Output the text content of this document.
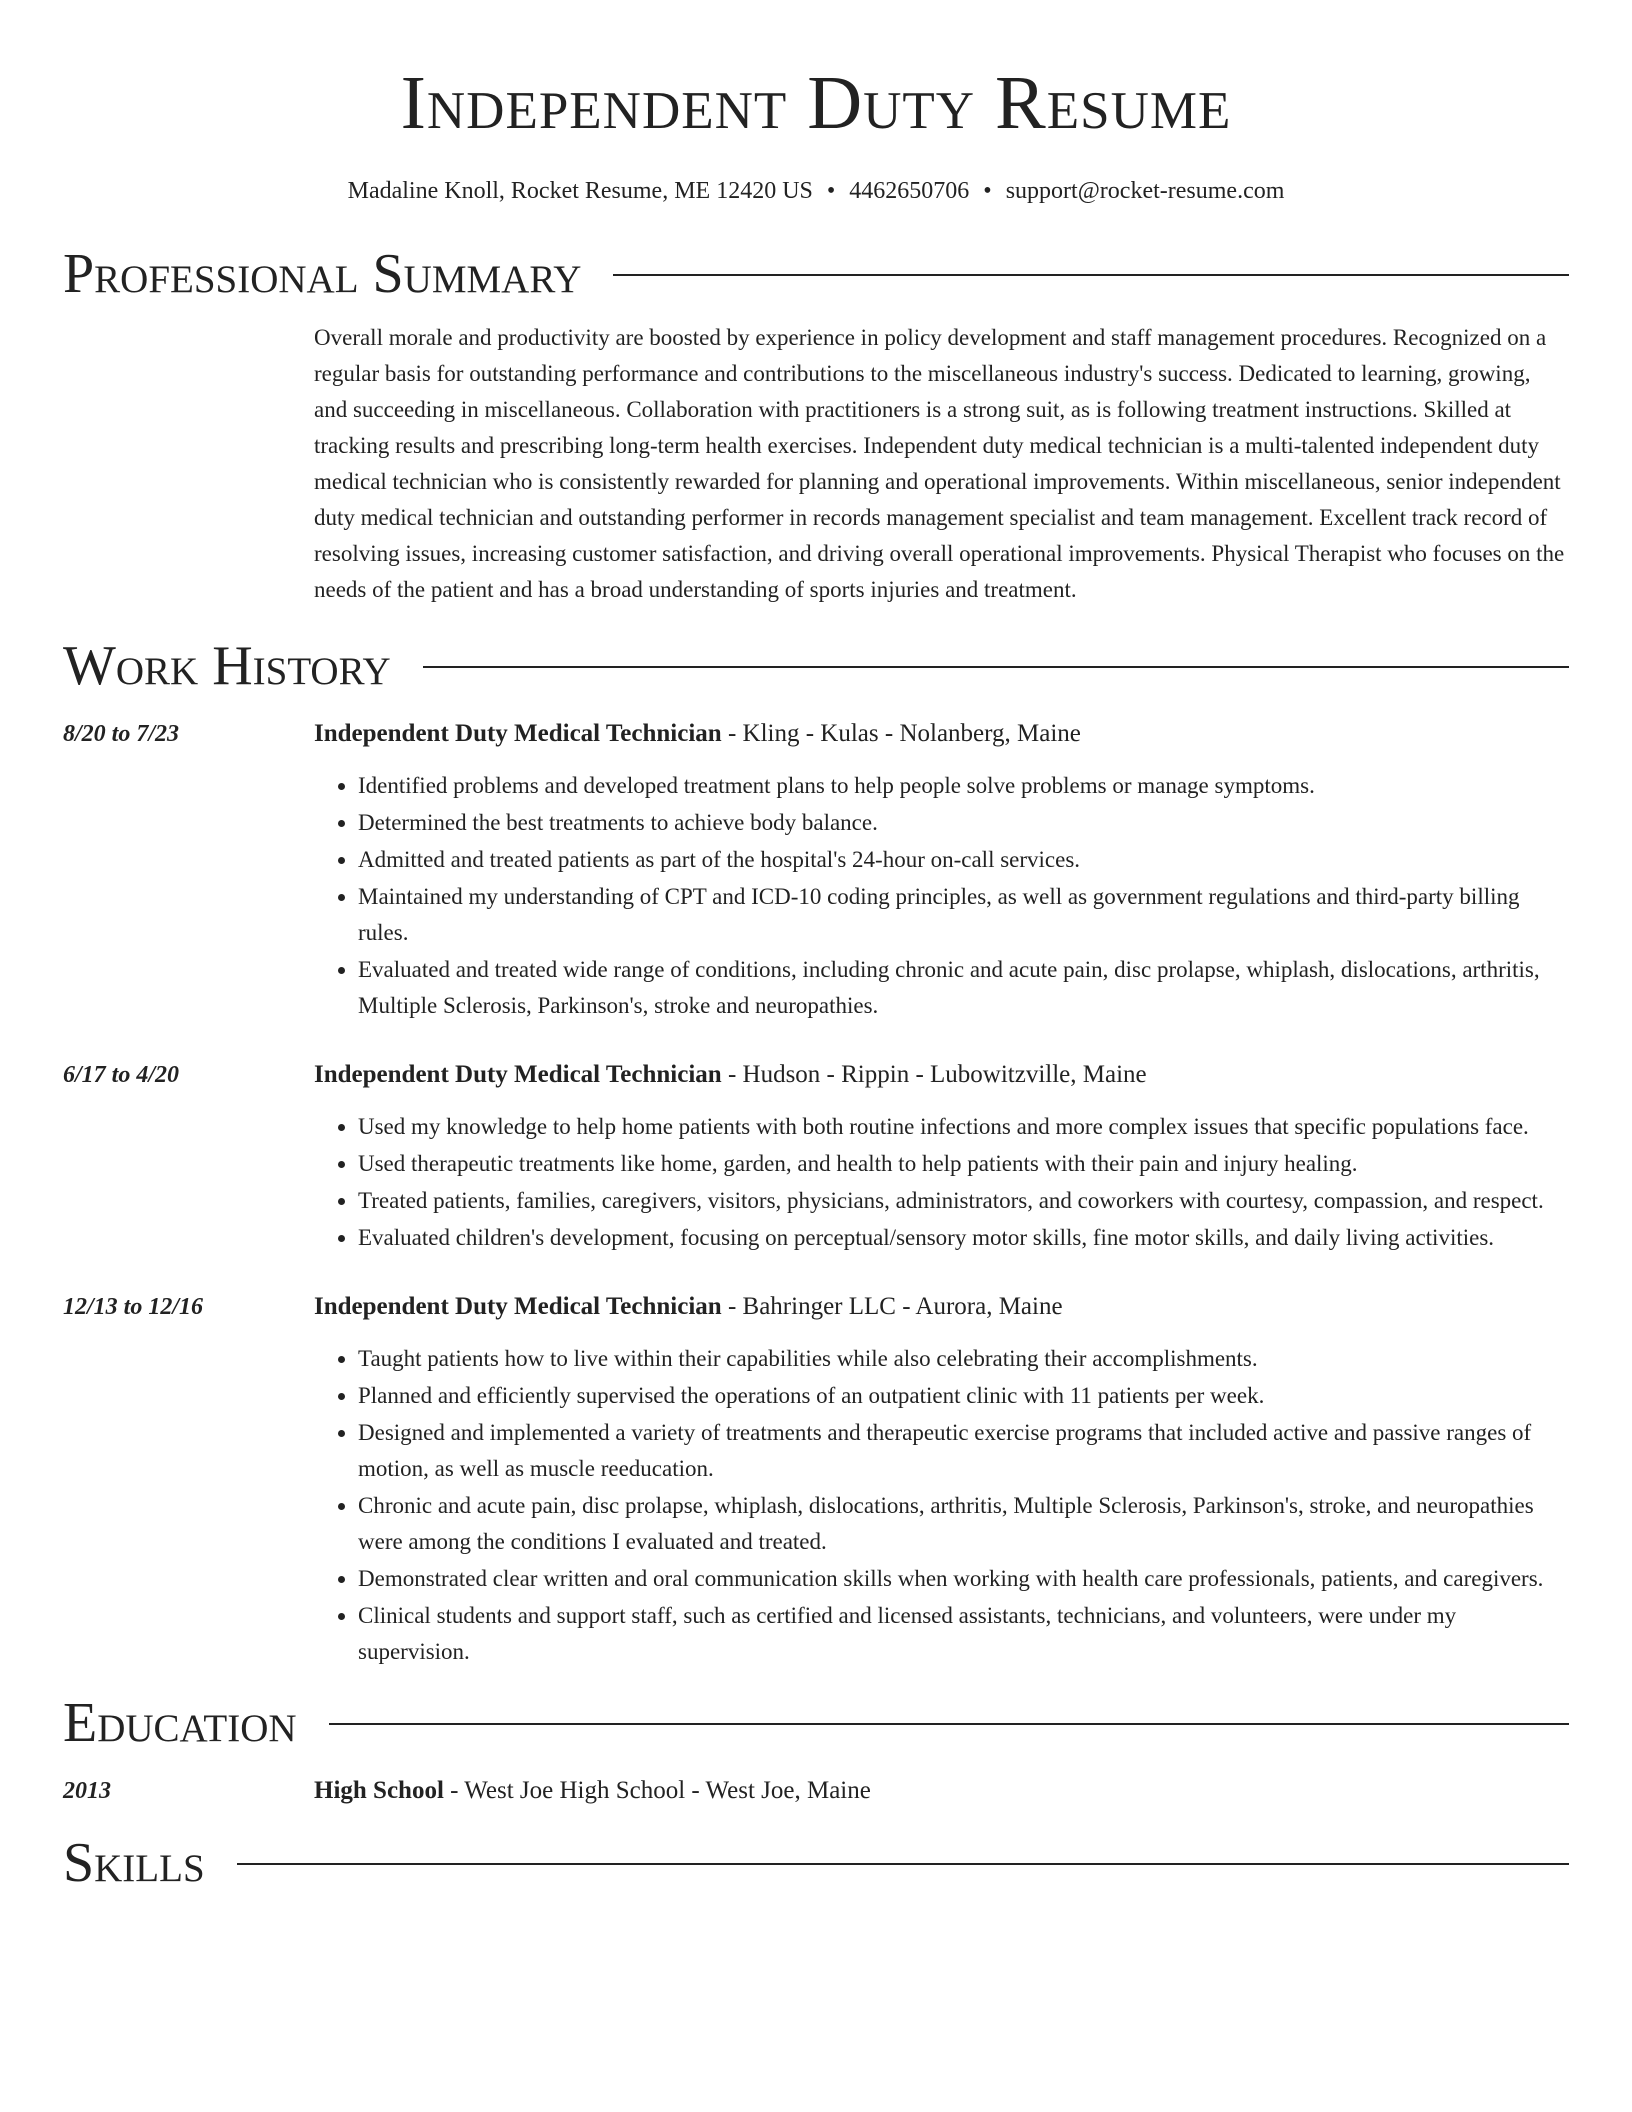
Independent Duty Resume
Madaline Knoll, Rocket Resume, ME 12420 US • 4462650706 • support@rocket-resume.com
Professional Summary
Overall morale and productivity are boosted by experience in policy development and staff management procedures. Recognized on a regular basis for outstanding performance and contributions to the miscellaneous industry's success. Dedicated to learning, growing, and succeeding in miscellaneous. Collaboration with practitioners is a strong suit, as is following treatment instructions. Skilled at tracking results and prescribing long-term health exercises. Independent duty medical technician is a multi-talented independent duty medical technician who is consistently rewarded for planning and operational improvements. Within miscellaneous, senior independent duty medical technician and outstanding performer in records management specialist and team management. Excellent track record of resolving issues, increasing customer satisfaction, and driving overall operational improvements. Physical Therapist who focuses on the needs of the patient and has a broad understanding of sports injuries and treatment.
Work History
8/20 to 7/23	Independent Duty Medical Technician - Kling - Kulas - Nolanberg, Maine
• Identified problems and developed treatment plans to help people solve problems or manage symptoms.
• Determined the best treatments to achieve body balance.
• Admitted and treated patients as part of the hospital's 24-hour on-call services.
• Maintained my understanding of CPT and ICD-10 coding principles, as well as government regulations and third-party billing rules.
• Evaluated and treated wide range of conditions, including chronic and acute pain, disc prolapse, whiplash, dislocations, arthritis, Multiple Sclerosis, Parkinson's, stroke and neuropathies.
6/17 to 4/20	Independent Duty Medical Technician - Hudson - Rippin - Lubowitzville, Maine
• Used my knowledge to help home patients with both routine infections and more complex issues that specific populations face.
• Used therapeutic treatments like home, garden, and health to help patients with their pain and injury healing.
• Treated patients, families, caregivers, visitors, physicians, administrators, and coworkers with courtesy, compassion, and respect.
• Evaluated children's development, focusing on perceptual/sensory motor skills, fine motor skills, and daily living activities.
12/13 to 12/16	Independent Duty Medical Technician - Bahringer LLC - Aurora, Maine
• Taught patients how to live within their capabilities while also celebrating their accomplishments.
• Planned and efficiently supervised the operations of an outpatient clinic with 11 patients per week.
• Designed and implemented a variety of treatments and therapeutic exercise programs that included active and passive ranges of motion, as well as muscle reeducation.
• Chronic and acute pain, disc prolapse, whiplash, dislocations, arthritis, Multiple Sclerosis, Parkinson's, stroke, and neuropathies were among the conditions I evaluated and treated.
• Demonstrated clear written and oral communication skills when working with health care professionals, patients, and caregivers.
• Clinical students and support staff, such as certified and licensed assistants, technicians, and volunteers, were under my supervision.
Education
2013	High School - West Joe High School - West Joe, Maine
Skills
